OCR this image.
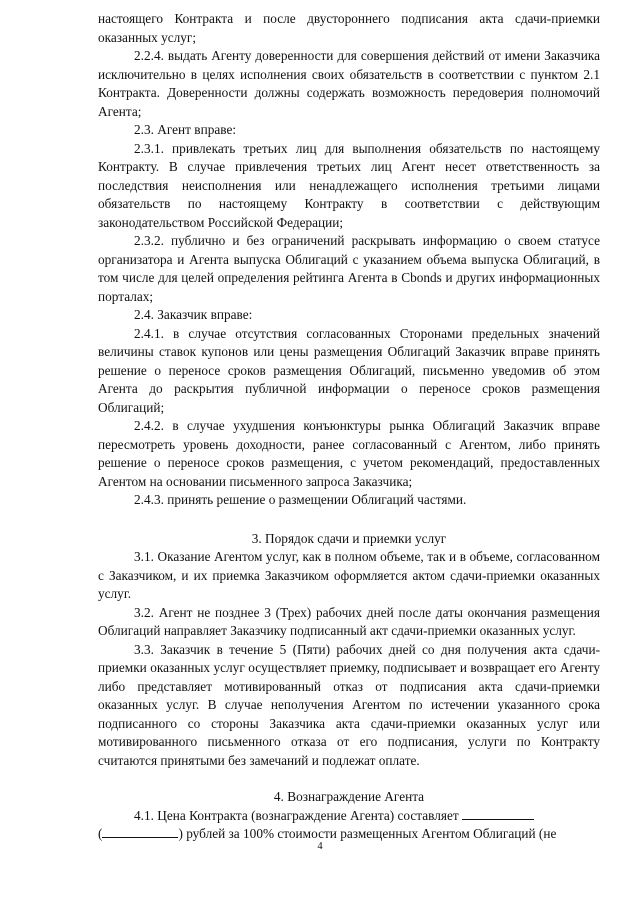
настоящего Контракта и после двустороннего подписания акта сдачи-приемки оказанных услуг;

2.2.4. выдать Агенту доверенности для совершения действий от имени Заказчика исключительно в целях исполнения своих обязательств в соответствии с пунктом 2.1 Контракта. Доверенности должны содержать возможность передоверия полномочий Агента;

2.3. Агент вправе:

2.3.1. привлекать третьих лиц для выполнения обязательств по настоящему Контракту. В случае привлечения третьих лиц Агент несет ответственность за последствия неисполнения или ненадлежащего исполнения третьими лицами обязательств по настоящему Контракту в соответствии с действующим законодательством Российской Федерации;

2.3.2. публично и без ограничений раскрывать информацию о своем статусе организатора и Агента выпуска Облигаций с указанием объема выпуска Облигаций, в том числе для целей определения рейтинга Агента в Cbonds и других информационных порталах;

2.4. Заказчик вправе:

2.4.1. в случае отсутствия согласованных Сторонами предельных значений величины ставок купонов или цены размещения Облигаций Заказчик вправе принять решение о переносе сроков размещения Облигаций, письменно уведомив об этом Агента до раскрытия публичной информации о переносе сроков размещения Облигаций;

2.4.2. в случае ухудшения конъюнктуры рынка Облигаций Заказчик вправе пересмотреть уровень доходности, ранее согласованный с Агентом, либо принять решение о переносе сроков размещения, с учетом рекомендаций, предоставленных Агентом на основании письменного запроса Заказчика;

2.4.3. принять решение о размещении Облигаций частями.

3. Порядок сдачи и приемки услуг

3.1. Оказание Агентом услуг, как в полном объеме, так и в объеме, согласованном с Заказчиком, и их приемка Заказчиком оформляется актом сдачи-приемки оказанных услуг.

3.2. Агент не позднее 3 (Трех) рабочих дней после даты окончания размещения Облигаций направляет Заказчику подписанный акт сдачи-приемки оказанных услуг.

3.3. Заказчик в течение 5 (Пяти) рабочих дней со дня получения акта сдачи-приемки оказанных услуг осуществляет приемку, подписывает и возвращает его Агенту либо представляет мотивированный отказ от подписания акта сдачи-приемки оказанных услуг. В случае неполучения Агентом по истечении указанного срока подписанного со стороны Заказчика акта сдачи-приемки оказанных услуг или мотивированного письменного отказа от его подписания, услуги по Контракту считаются принятыми без замечаний и подлежат оплате.

4. Вознаграждение Агента

4.1. Цена Контракта (вознаграждение Агента) составляет

(	) рублей за 100% стоимости размещенных Агентом Облигаций (не

4
